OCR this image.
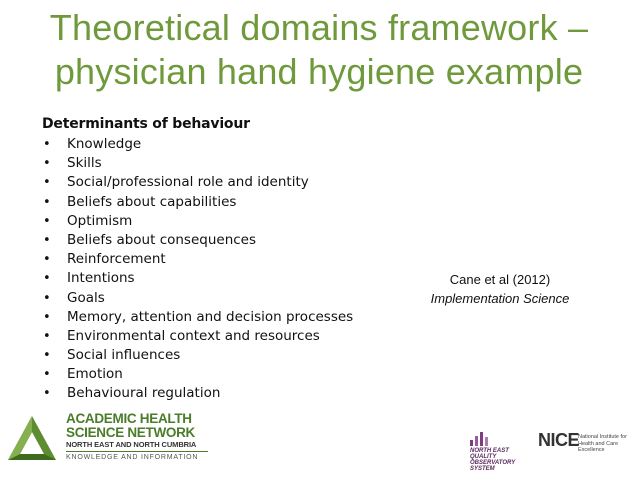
Theoretical domains framework –
physician hand hygiene example
Determinants of behaviour
• Knowledge
• Skills
• Social/professional role and identity
• Beliefs about capabilities
• Optimism
• Beliefs about consequences
• Reinforcement
• Intentions
• Goals
• Memory, attention and decision processes
• Environmental context and resources
• Social influences
• Emotion
• Behavioural regulation
Cane et al (2012)
Implementation Science
ACADEMIC HEALTH
SCIENCE NETWORK
NORTH EAST AND NORTH CUMBRIA
KNOWLEDGE AND INFORMATION
NORTH EAST
QUALITY
OBSERVATORY
SYSTEM
NICE
National Institute for Health and Care Excellence
